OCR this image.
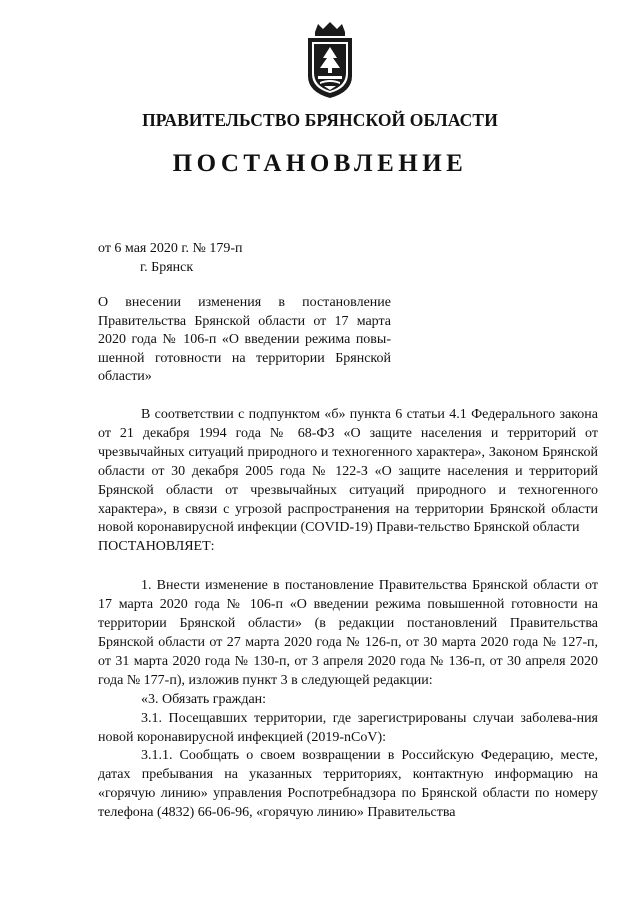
ПРАВИТЕЛЬСТВО БРЯНСКОЙ ОБЛАСТИ
ПОСТАНОВЛЕНИЕ
от 6 мая 2020 г. № 179-п
г. Брянск
О внесении изменения в постановление Правительства Брянской области от 17 марта 2020 года № 106-п «О введении режима повы-шенной готовности на территории Брянской области»

В соответствии с подпунктом «б» пункта 6 статьи 4.1 Федерального закона от 21 декабря 1994 года № 68-ФЗ «О защите населения и территорий от чрезвычайных ситуаций природного и техногенного характера», Законом Брянской области от 30 декабря 2005 года № 122-З «О защите населения и территорий Брянской области от чрезвычайных ситуаций природного и техногенного характера», в связи с угрозой распространения на территории Брянской области новой коронавирусной инфекции (COVID-19) Прави-тельство Брянской области

ПОСТАНОВЛЯЕТ:

1. Внести изменение в постановление Правительства Брянской области от 17 марта 2020 года № 106-п «О введении режима повышенной готовности на территории Брянской области» (в редакции постановлений Правительства Брянской области от 27 марта 2020 года № 126-п, от 30 марта 2020 года № 127-п, от 31 марта 2020 года № 130-п, от 3 апреля 2020 года № 136-п, от 30 апреля 2020 года № 177-п), изложив пункт 3 в следующей редакции:

«3. Обязать граждан:

3.1. Посещавших территории, где зарегистрированы случаи заболева-ния новой коронавирусной инфекцией (2019-nCoV):

3.1.1. Сообщать о своем возвращении в Российскую Федерацию, месте, датах пребывания на указанных территориях, контактную информацию на «горячую линию» управления Роспотребнадзора по Брянской области по номеру телефона (4832) 66-06-96, «горячую линию» Правительства
